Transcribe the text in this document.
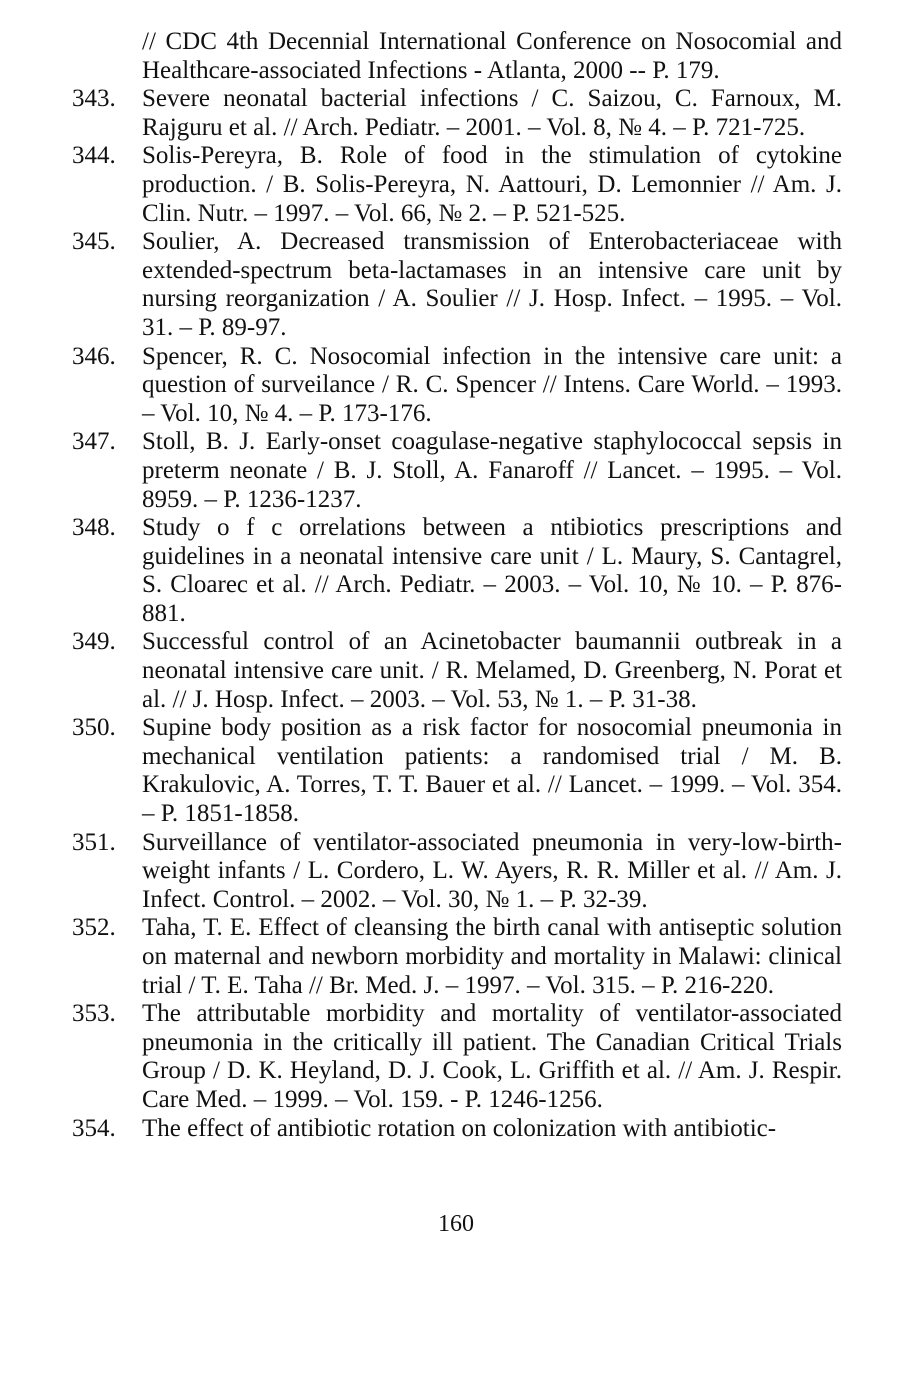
// CDC 4th Decennial International Conference on Nosocomial and Healthcare-associated Infections - Atlanta, 2000 -- P. 179.
343.	Severe neonatal bacterial infections / C. Saizou, C. Farnoux, M. Rajguru et al. // Arch. Pediatr. – 2001. – Vol. 8, № 4. – P. 721-725.
344.	Solis-Pereyra, B. Role of food in the stimulation of cytokine production. / B. Solis-Pereyra, N. Aattouri, D. Lemonnier // Am. J. Clin. Nutr. – 1997. – Vol. 66, № 2. – P. 521-525.
345.	Soulier, A. Decreased transmission of Enterobacteriaceae with extended-spectrum beta-lactamases in an intensive care unit by nursing reorganization / A. Soulier // J. Hosp. Infect. – 1995. – Vol. 31. – P. 89-97.
346.	Spencer, R. C. Nosocomial infection in the intensive care unit: a question of surveilance / R. C. Spencer // Intens. Care World. – 1993. – Vol. 10, № 4. – P. 173-176.
347.	Stoll, B. J. Early-onset coagulase-negative staphylococcal sepsis in preterm neonate / B. J. Stoll, A. Fanaroff // Lancet. – 1995. – Vol. 8959. – P. 1236-1237.
348.	Study o f c orrelations between a ntibiotics prescriptions and guidelines in a neonatal intensive care unit / L. Maury, S. Cantagrel, S. Cloarec et al. // Arch. Pediatr. – 2003. – Vol. 10, № 10. – P. 876-881.
349.	Successful control of an Acinetobacter baumannii outbreak in a neonatal intensive care unit. / R. Melamed, D. Greenberg, N. Porat et al. // J. Hosp. Infect. – 2003. – Vol. 53, № 1. – P. 31-38.
350.	Supine body position as a risk factor for nosocomial pneumonia in mechanical ventilation patients: a randomised trial / M. B. Krakulovic, A. Torres, T. T. Bauer et al. // Lancet. – 1999. – Vol. 354. – P. 1851-1858.
351.	Surveillance of ventilator-associated pneumonia in very-low-birth-weight infants / L. Cordero, L. W. Ayers, R. R. Miller et al. // Am. J. Infect. Control. – 2002. – Vol. 30, № 1. – P. 32-39.
352.	Taha, T. E. Effect of cleansing the birth canal with antiseptic solution on maternal and newborn morbidity and mortality in Malawi: clinical trial / T. E. Taha // Br. Med. J. – 1997. – Vol. 315. – P. 216-220.
353.	The attributable morbidity and mortality of ventilator-associated pneumonia in the critically ill patient. The Canadian Critical Trials Group / D. K. Heyland, D. J. Cook, L. Griffith et al. // Am. J. Respir. Care Med. – 1999. – Vol. 159. - P. 1246-1256.
354.	The effect of antibiotic rotation on colonization with antibiotic-
160
